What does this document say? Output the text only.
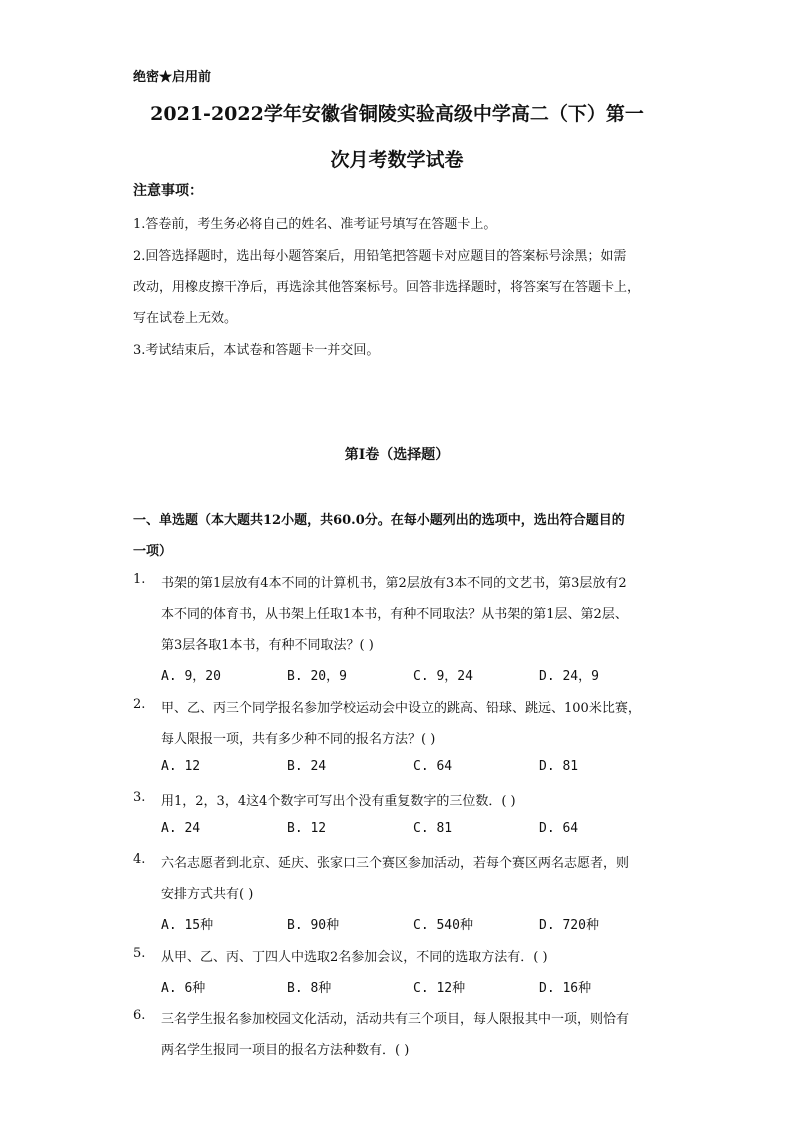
绝密★启用前
2021-2022学年安徽省铜陵实验高级中学高二（下）第一
次月考数学试卷
注意事项：
1.答卷前，考生务必将自己的姓名、准考证号填写在答题卡上。
2.回答选择题时，选出每小题答案后，用铅笔把答题卡对应题目的答案标号涂黑；如需
改动，用橡皮擦干净后，再选涂其他答案标号。回答非选择题时，将答案写在答题卡上，
写在试卷上无效。
3.考试结束后，本试卷和答题卡一并交回。
第Ⅰ卷（选择题）
一、单选题（本大题共12小题，共60.0分。在每小题列出的选项中，选出符合题目的
一项）
1. 书架的第1层放有4本不同的计算机书，第2层放有3本不同的文艺书，第3层放有2
本不同的体育书，从书架上任取1本书，有种不同取法？从书架的第1层、第2层、
第3层各取1本书，有种不同取法？( )
A. 9，20	B. 20，9	C. 9，24	D. 24，9
2. 甲、乙、丙三个同学报名参加学校运动会中设立的跳高、铅球、跳远、100米比赛，
每人限报一项，共有多少种不同的报名方法？( )
A. 12	B. 24	C. 64	D. 81
3. 用1，2，3，4这4个数字可写出个没有重复数字的三位数．( )
A. 24	B. 12	C. 81	D. 64
4. 六名志愿者到北京、延庆、张家口三个赛区参加活动，若每个赛区两名志愿者，则
安排方式共有( )
A. 15种	B. 90种	C. 540种	D. 720种
5. 从甲、乙、丙、丁四人中选取2名参加会议，不同的选取方法有．( )
A. 6种	B. 8种	C. 12种	D. 16种
6. 三名学生报名参加校园文化活动，活动共有三个项目，每人限报其中一项，则恰有
两名学生报同一项目的报名方法种数有．( )
